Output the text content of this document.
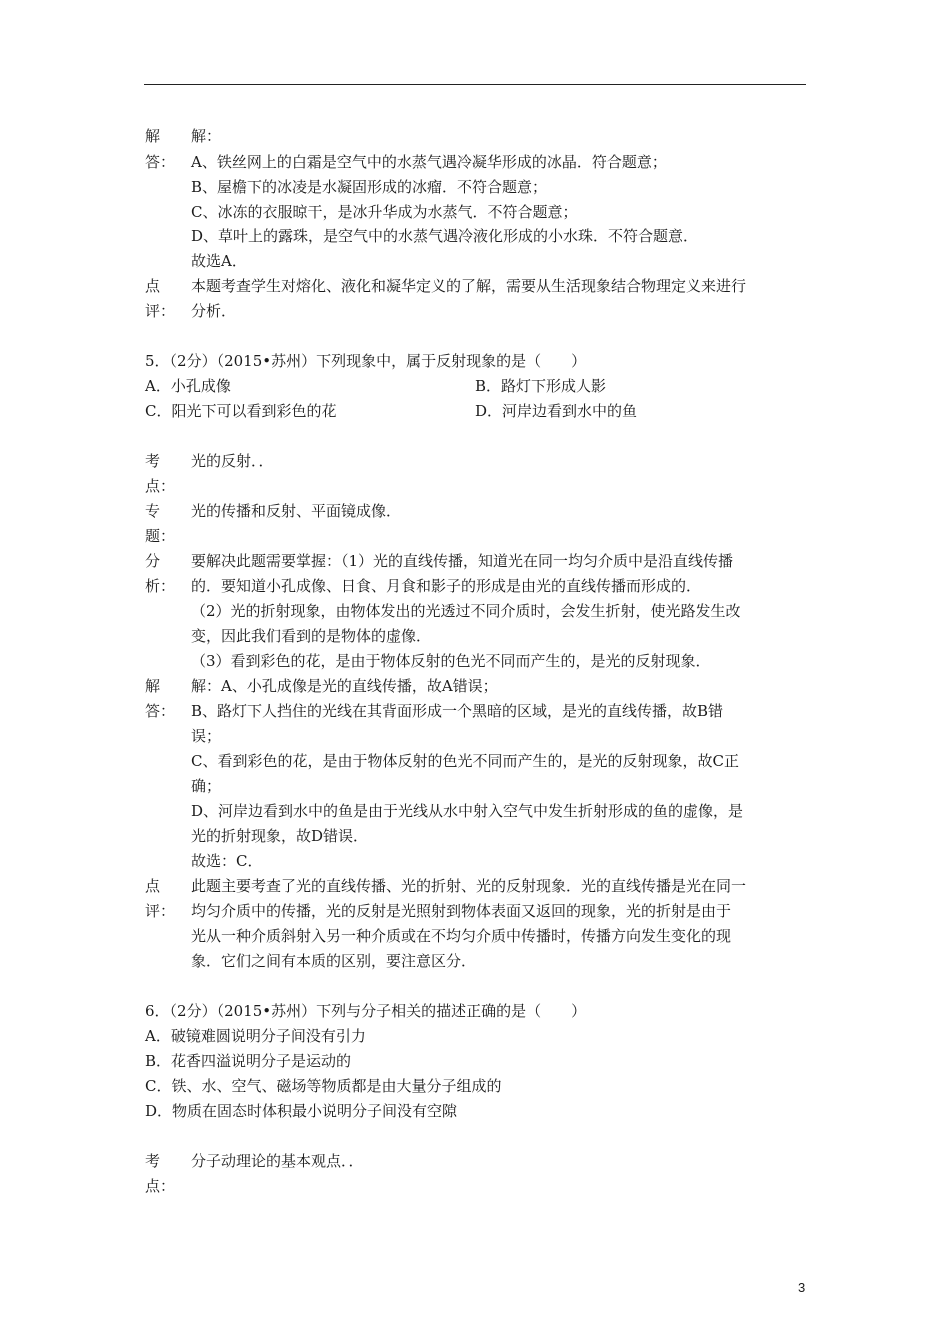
解
答：
解：
A、铁丝网上的白霜是空气中的水蒸气遇冷凝华形成的冰晶．符合题意；
B、屋檐下的冰凌是水凝固形成的冰瘤．不符合题意；
C、冰冻的衣服晾干，是冰升华成为水蒸气．不符合题意；
D、草叶上的露珠，是空气中的水蒸气遇冷液化形成的小水珠．不符合题意．
故选A．
点
评：
本题考查学生对熔化、液化和凝华定义的了解，需要从生活现象结合物理定义来进行
分析．
5．（2分）（2015•苏州）下列现象中，属于反射现象的是（　　）
A．小孔成像	B．路灯下形成人影
C．阳光下可以看到彩色的花	D．河岸边看到水中的鱼
考
点：
光的反射．．
专
题：
光的传播和反射、平面镜成像．
分
析：
要解决此题需要掌握：（1）光的直线传播，知道光在同一均匀介质中是沿直线传播
的．要知道小孔成像、日食、月食和影子的形成是由光的直线传播而形成的．
（2）光的折射现象，由物体发出的光透过不同介质时，会发生折射，使光路发生改
变，因此我们看到的是物体的虚像．
（3）看到彩色的花，是由于物体反射的色光不同而产生的，是光的反射现象．
解
答：
解：A、小孔成像是光的直线传播，故A错误；
B、路灯下人挡住的光线在其背面形成一个黑暗的区域，是光的直线传播，故B错
误；
C、看到彩色的花，是由于物体反射的色光不同而产生的，是光的反射现象，故C正
确；
D、河岸边看到水中的鱼是由于光线从水中射入空气中发生折射形成的鱼的虚像，是
光的折射现象，故D错误．
故选：C．
点
评：
此题主要考查了光的直线传播、光的折射、光的反射现象．光的直线传播是光在同一
均匀介质中的传播，光的反射是光照射到物体表面又返回的现象，光的折射是由于
光从一种介质斜射入另一种介质或在不均匀介质中传播时，传播方向发生变化的现
象．它们之间有本质的区别，要注意区分．
6．（2分）（2015•苏州）下列与分子相关的描述正确的是（　　）
A．破镜难圆说明分子间没有引力
B．花香四溢说明分子是运动的
C．铁、水、空气、磁场等物质都是由大量分子组成的
D．物质在固态时体积最小说明分子间没有空隙
考
点：
分子动理论的基本观点．．
3
